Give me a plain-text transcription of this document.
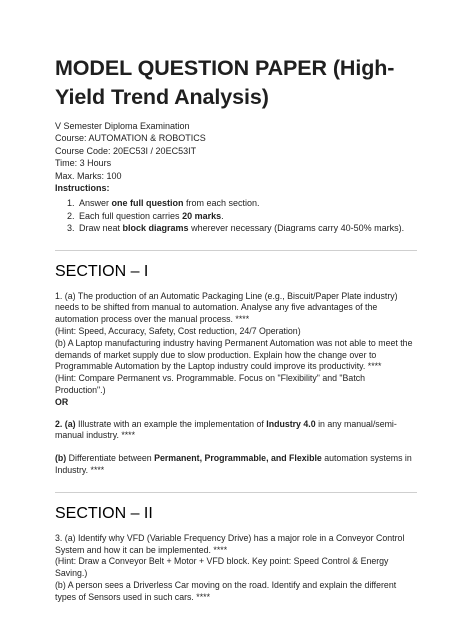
MODEL QUESTION PAPER (High-Yield Trend Analysis)
V Semester Diploma Examination
Course: AUTOMATION & ROBOTICS
Course Code: 20EC53I / 20EC53IT
Time: 3 Hours
Max. Marks: 100
Instructions:
1. Answer one full question from each section.
2. Each full question carries 20 marks.
3. Draw neat block diagrams wherever necessary (Diagrams carry 40-50% marks).
SECTION – I

1. (a) The production of an Automatic Packaging Line (e.g., Biscuit/Paper Plate industry) needs to be shifted from manual to automation. Analyse any five advantages of the automation process over the manual process. ****
(Hint: Speed, Accuracy, Safety, Cost reduction, 24/7 Operation)
(b) A Laptop manufacturing industry having Permanent Automation was not able to meet the demands of market supply due to slow production. Explain how the change over to Programmable Automation by the Laptop industry could improve its productivity. ****
(Hint: Compare Permanent vs. Programmable. Focus on "Flexibility" and "Batch Production".)
OR

2. (a) Illustrate with an example the implementation of Industry 4.0 in any manual/semi-manual industry. ****

(b) Differentiate between Permanent, Programmable, and Flexible automation systems in Industry. ****

SECTION – II

3. (a) Identify why VFD (Variable Frequency Drive) has a major role in a Conveyor Control System and how it can be implemented. ****
(Hint: Draw a Conveyor Belt + Motor + VFD block. Key point: Speed Control & Energy Saving.)
(b) A person sees a Driverless Car moving on the road. Identify and explain the different types of Sensors used in such cars. ****
